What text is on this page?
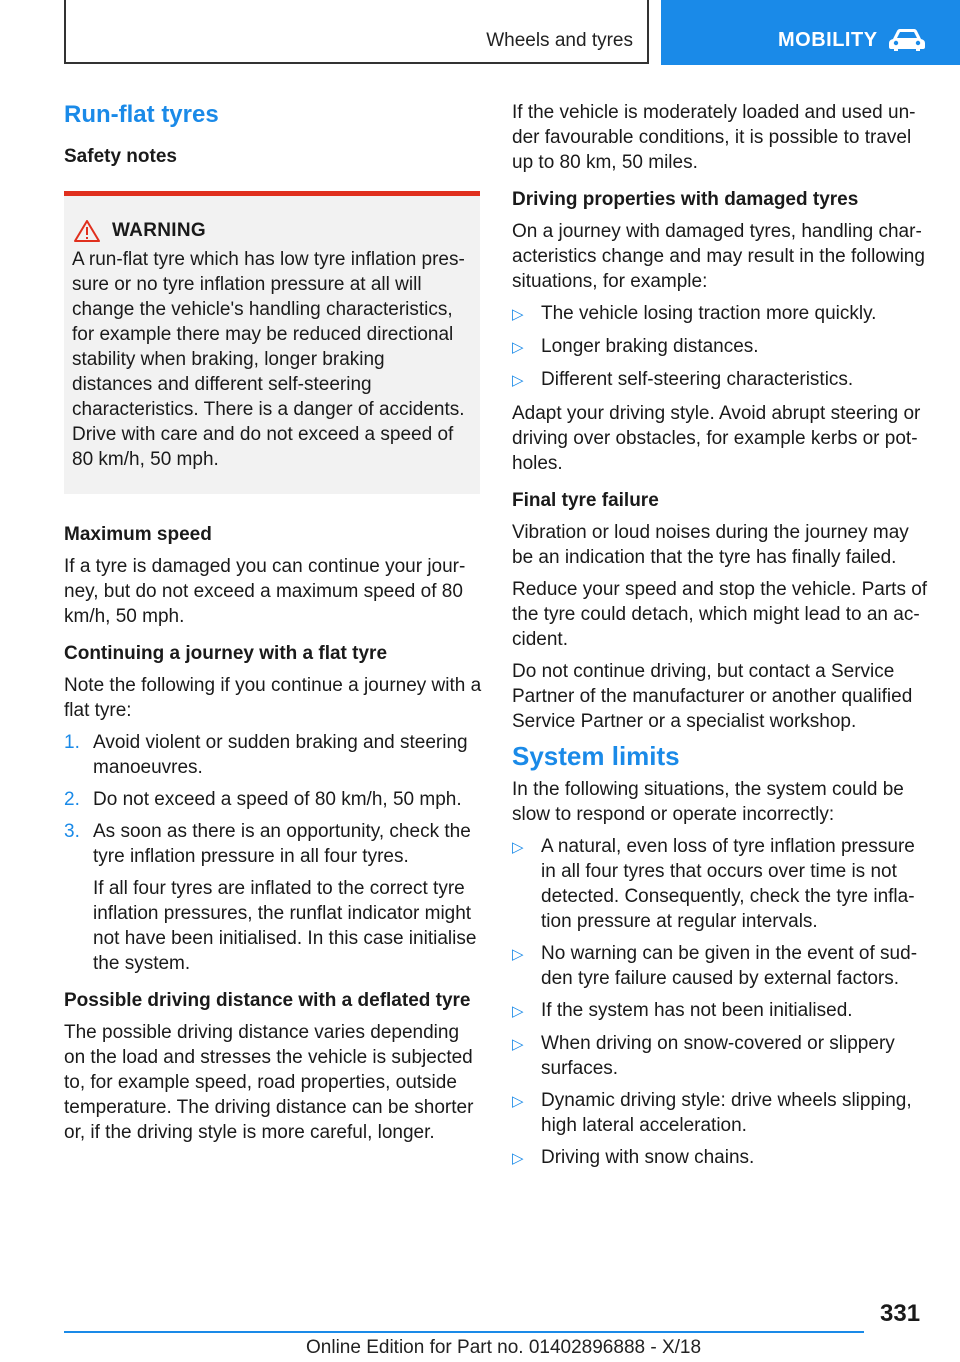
Wheels and tyres	MOBILITY
Run-flat tyres
Safety notes
WARNING

A run-flat tyre which has low tyre inflation pressure or no tyre inflation pressure at all will change the vehicle's handling characteristics, for example there may be reduced directional stability when braking, longer braking distances and different self-steering characteristics. There is a danger of accidents. Drive with care and do not exceed a speed of 80 km/h, 50 mph.

Maximum speed

If a tyre is damaged you can continue your journey, but do not exceed a maximum speed of 80 km/h, 50 mph.

Continuing a journey with a flat tyre

Note the following if you continue a journey with a flat tyre:

1. Avoid violent or sudden braking and steering manoeuvres.
2. Do not exceed a speed of 80 km/h, 50 mph.
3. As soon as there is an opportunity, check the tyre inflation pressure in all four tyres.

If all four tyres are inflated to the correct tyre inflation pressures, the runflat indicator might not have been initialised. In this case initialise the system.

Possible driving distance with a deflated tyre

The possible driving distance varies depending on the load and stresses the vehicle is subjected to, for example speed, road properties, outside temperature. The driving distance can be shorter or, if the driving style is more careful, longer.

If the vehicle is moderately loaded and used under favourable conditions, it is possible to travel up to 80 km, 50 miles.

Driving properties with damaged tyres

On a journey with damaged tyres, handling characteristics change and may result in the following situations, for example:

▷ The vehicle losing traction more quickly.
▷ Longer braking distances.
▷ Different self-steering characteristics.

Adapt your driving style. Avoid abrupt steering or driving over obstacles, for example kerbs or potholes.

Final tyre failure

Vibration or loud noises during the journey may be an indication that the tyre has finally failed.

Reduce your speed and stop the vehicle. Parts of the tyre could detach, which might lead to an accident.

Do not continue driving, but contact a Service Partner of the manufacturer or another qualified Service Partner or a specialist workshop.

System limits

In the following situations, the system could be slow to respond or operate incorrectly:

▷ A natural, even loss of tyre inflation pressure in all four tyres that occurs over time is not detected. Consequently, check the tyre inflation pressure at regular intervals.
▷ No warning can be given in the event of sudden tyre failure caused by external factors.
▷ If the system has not been initialised.
▷ When driving on snow-covered or slippery surfaces.
▷ Dynamic driving style: drive wheels slipping, high lateral acceleration.
▷ Driving with snow chains.
331
Online Edition for Part no. 01402896888 - X/18
